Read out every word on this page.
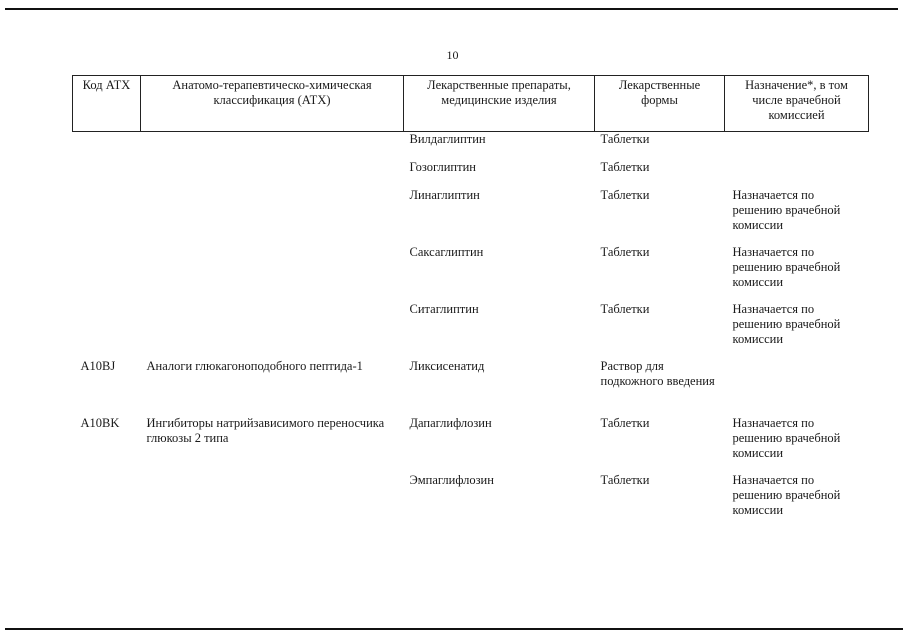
10
Код АТХ	Анатомо-терапевтическо-химическая классификация (АТХ)	Лекарственные препараты, медицинские изделия	Лекарственные формы	Назначение*, в том числе врачебной комиссией
		Вилдаглиптин	Таблетки	
		Гозоглиптин	Таблетки	
		Линаглиптин	Таблетки	Назначается по решению врачебной комиссии
		Саксаглиптин	Таблетки	Назначается по решению врачебной комиссии
		Ситаглиптин	Таблетки	Назначается по решению врачебной комиссии
A10BJ	Аналоги глюкагоноподобного пептида-1	Ликсисенатид	Раствор для подкожного введения	
A10BK	Ингибиторы натрийзависимого переносчика глюкозы 2 типа	Дапаглифлозин	Таблетки	Назначается по решению врачебной комиссии
		Эмпаглифлозин	Таблетки	Назначается по решению врачебной комиссии
